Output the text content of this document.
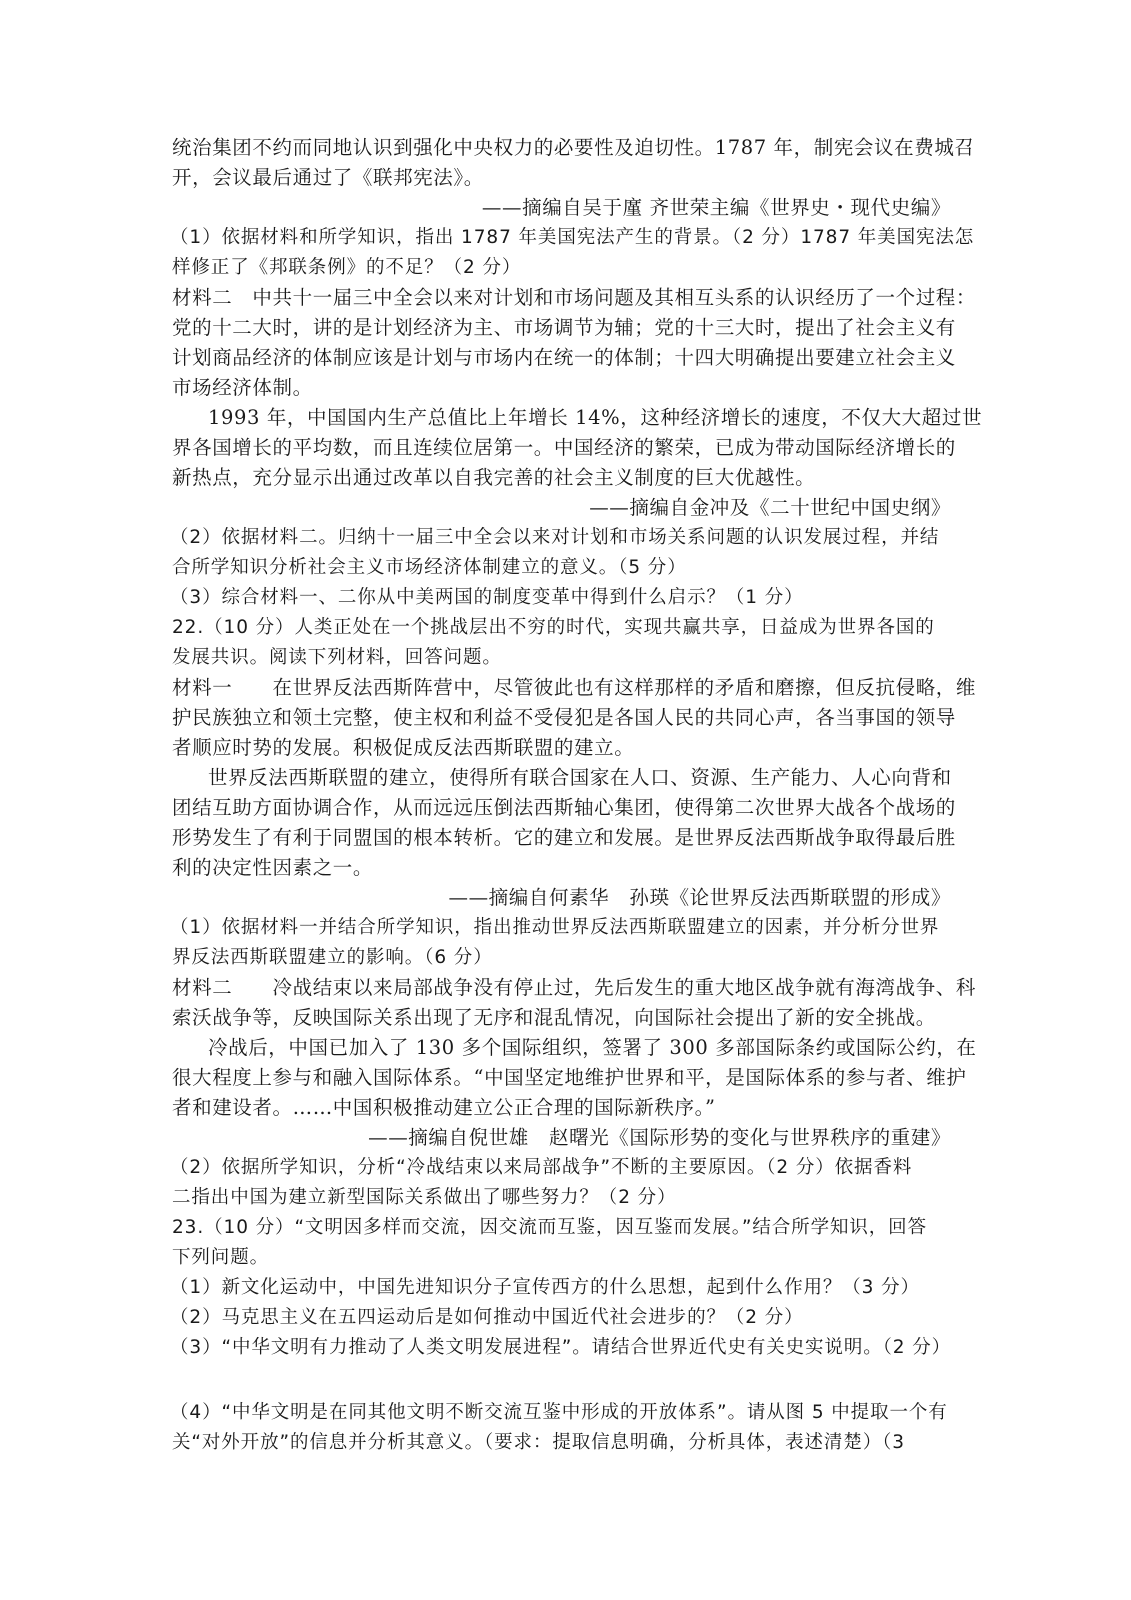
统治集团不约而同地认识到强化中央权力的必要性及迫切性。1787 年，制宪会议在费城召
开，会议最后通过了《联邦宪法》。
——摘编自吴于廑 齐世荣主编《世界史・现代史编》
（1）依据材料和所学知识，指出 1787 年美国宪法产生的背景。（2 分）1787 年美国宪法怎
样修正了《邦联条例》的不足？（2 分）
材料二　中共十一届三中全会以来对计划和市场问题及其相互头系的认识经历了一个过程：
党的十二大时，讲的是计划经济为主、市场调节为辅；党的十三大时，提出了社会主义有
计划商品经济的体制应该是计划与市场内在统一的体制；十四大明确提出要建立社会主义
市场经济体制。
1993 年，中国国内生产总值比上年增长 14%，这种经济增长的速度，不仅大大超过世
界各国增长的平均数，而且连续位居第一。中国经济的繁荣，已成为带动国际经济增长的
新热点，充分显示出通过改革以自我完善的社会主义制度的巨大优越性。
——摘编自金冲及《二十世纪中国史纲》
（2）依据材料二。归纳十一届三中全会以来对计划和市场关系问题的认识发展过程，并结
合所学知识分析社会主义市场经济体制建立的意义。（5 分）
（3）综合材料一、二你从中美两国的制度变革中得到什么启示？（1 分）
22.（10 分）人类正处在一个挑战层出不穷的时代，实现共赢共享，日益成为世界各国的
发展共识。阅读下列材料，回答问题。
材料一　　在世界反法西斯阵营中，尽管彼此也有这样那样的矛盾和磨擦，但反抗侵略，维
护民族独立和领土完整，使主权和利益不受侵犯是各国人民的共同心声，各当事国的领导
者顺应时势的发展。积极促成反法西斯联盟的建立。
世界反法西斯联盟的建立，使得所有联合国家在人口、资源、生产能力、人心向背和
团结互助方面协调合作，从而远远压倒法西斯轴心集团，使得第二次世界大战各个战场的
形势发生了有利于同盟国的根本转析。它的建立和发展。是世界反法西斯战争取得最后胜
利的决定性因素之一。
——摘编自何素华　孙瑛《论世界反法西斯联盟的形成》
（1）依据材料一并结合所学知识，指出推动世界反法西斯联盟建立的因素，并分析分世界
界反法西斯联盟建立的影响。（6 分）
材料二　　冷战结束以来局部战争没有停止过，先后发生的重大地区战争就有海湾战争、科
索沃战争等，反映国际关系出现了无序和混乱情况，向国际社会提出了新的安全挑战。
冷战后，中国已加入了 130 多个国际组织，签署了 300 多部国际条约或国际公约，在
很大程度上参与和融入国际体系。“中国坚定地维护世界和平，是国际体系的参与者、维护
者和建设者。……中国积极推动建立公正合理的国际新秩序。”
——摘编自倪世雄　赵曙光《国际形势的变化与世界秩序的重建》
（2）依据所学知识，分析“冷战结束以来局部战争”不断的主要原因。（2 分）依据香料
二指出中国为建立新型国际关系做出了哪些努力？（2 分）
23.（10 分）“文明因多样而交流，因交流而互鉴，因互鉴而发展。”结合所学知识，回答
下列问题。
（1）新文化运动中，中国先进知识分子宣传西方的什么思想，起到什么作用？（3 分）
（2）马克思主义在五四运动后是如何推动中国近代社会进步的？（2 分）
（3）“中华文明有力推动了人类文明发展进程”。请结合世界近代史有关史实说明。（2 分）
（4）“中华文明是在同其他文明不断交流互鉴中形成的开放体系”。请从图 5 中提取一个有
关“对外开放”的信息并分析其意义。（要求：提取信息明确，分析具体，表述清楚）（3
